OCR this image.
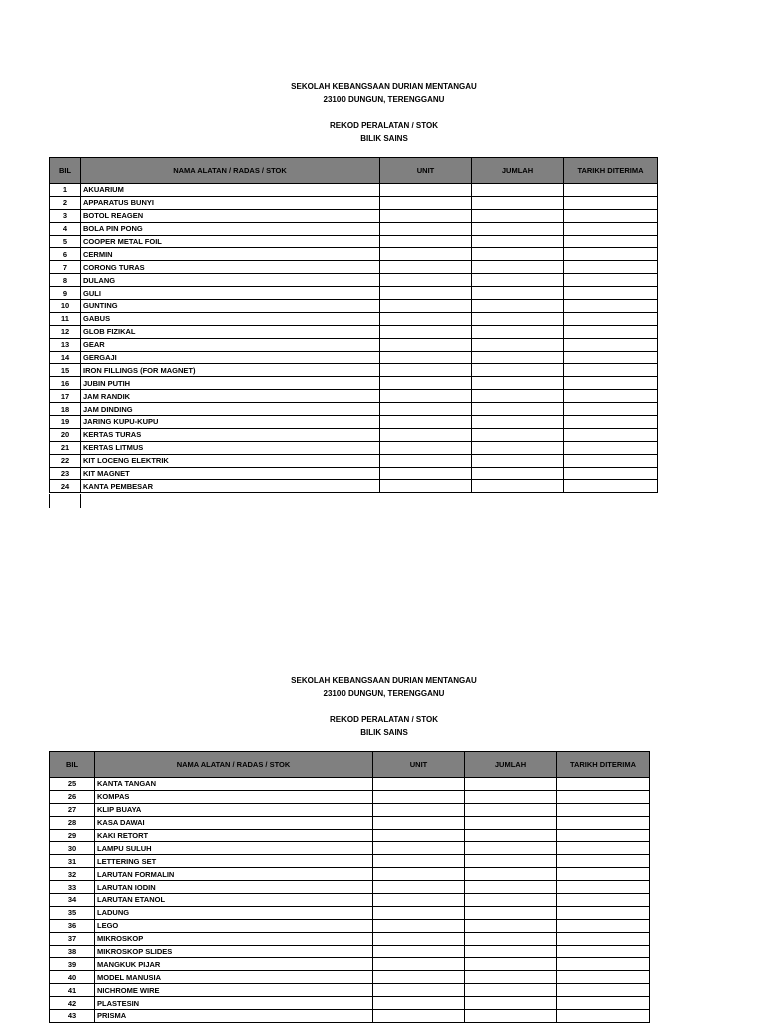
SEKOLAH KEBANGSAAN DURIAN MENTANGAU
23100 DUNGUN, TERENGGANU
REKOD PERALATAN / STOK
BILIK SAINS
BIL	NAMA ALATAN / RADAS / STOK	UNIT	JUMLAH	TARIKH DITERIMA
1	AKUARIUM			
2	APPARATUS BUNYI			
3	BOTOL REAGEN			
4	BOLA PIN PONG			
5	COOPER METAL FOIL			
6	CERMIN			
7	CORONG TURAS			
8	DULANG			
9	GULI			
10	GUNTING			
11	GABUS			
12	GLOB FIZIKAL			
13	GEAR			
14	GERGAJI			
15	IRON FILLINGS (FOR MAGNET)			
16	JUBIN PUTIH			
17	JAM RANDIK			
18	JAM DINDING			
19	JARING KUPU-KUPU			
20	KERTAS TURAS			
21	KERTAS LITMUS			
22	KIT LOCENG ELEKTRIK			
23	KIT MAGNET			
24	KANTA PEMBESAR			
SEKOLAH KEBANGSAAN DURIAN MENTANGAU
23100 DUNGUN, TERENGGANU
REKOD PERALATAN / STOK
BILIK SAINS
BIL	NAMA ALATAN / RADAS / STOK	UNIT	JUMLAH	TARIKH DITERIMA
25	KANTA TANGAN			
26	KOMPAS			
27	KLIP BUAYA			
28	KASA DAWAI			
29	KAKI RETORT			
30	LAMPU SULUH			
31	LETTERING SET			
32	LARUTAN FORMALIN			
33	LARUTAN IODIN			
34	LARUTAN ETANOL			
35	LADUNG			
36	LEGO			
37	MIKROSKOP			
38	MIKROSKOP SLIDES			
39	MANGKUK PIJAR			
40	MODEL MANUSIA			
41	NICHROME WIRE			
42	PLASTESIN			
43	PRISMA			
